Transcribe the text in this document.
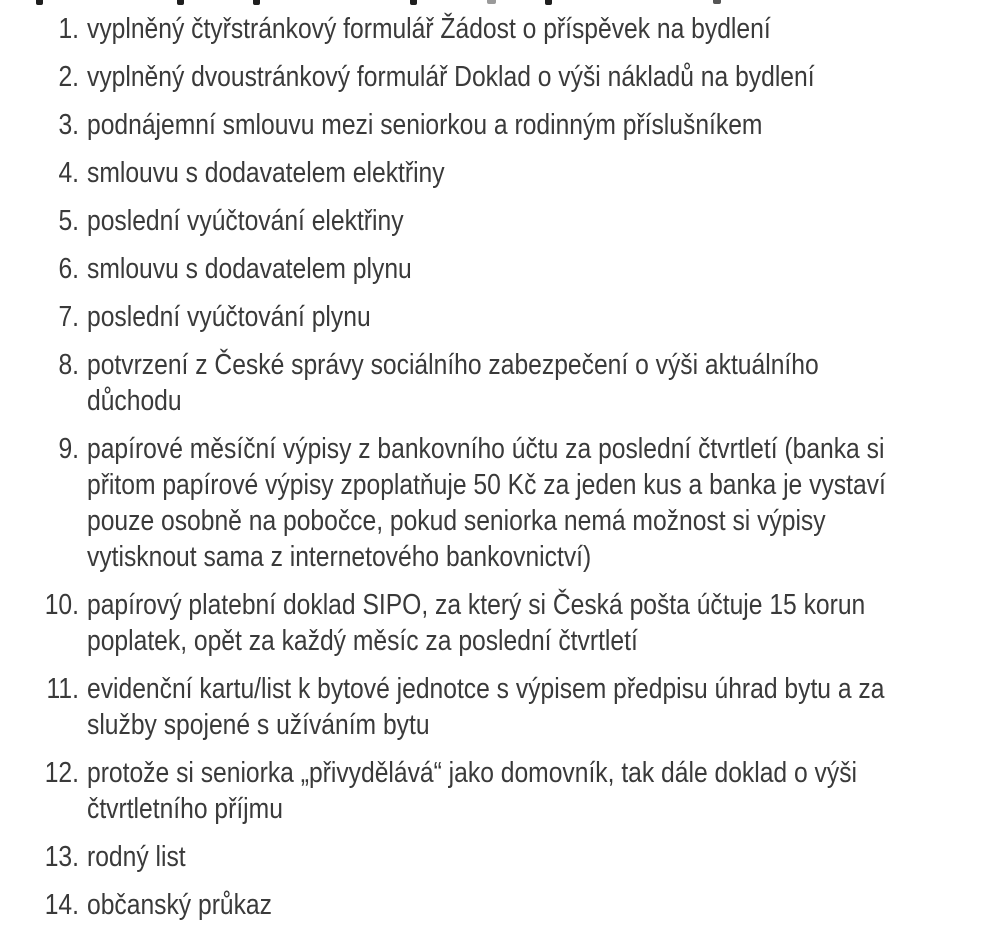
1. vyplněný čtyřstránkový formulář Žádost o příspěvek na bydlení
2. vyplněný dvoustránkový formulář Doklad o výši nákladů na bydlení
3. podnájemní smlouvu mezi seniorkou a rodinným příslušníkem
4. smlouvu s dodavatelem elektřiny
5. poslední vyúčtování elektřiny
6. smlouvu s dodavatelem plynu
7. poslední vyúčtování plynu
8. potvrzení z České správy sociálního zabezpečení o výši aktuálního
důchodu
9. papírové měsíční výpisy z bankovního účtu za poslední čtvrtletí (banka si
přitom papírové výpisy zpoplatňuje 50 Kč za jeden kus a banka je vystaví
pouze osobně na pobočce, pokud seniorka nemá možnost si výpisy
vytisknout sama z internetového bankovnictví)
10. papírový platební doklad SIPO, za který si Česká pošta účtuje 15 korun
poplatek, opět za každý měsíc za poslední čtvrtletí
11. evidenční kartu/list k bytové jednotce s výpisem předpisu úhrad bytu a za
služby spojené s užíváním bytu
12. protože si seniorka „přivydělává“ jako domovník, tak dále doklad o výši
čtvrtletního příjmu
13. rodný list
14. občanský průkaz
